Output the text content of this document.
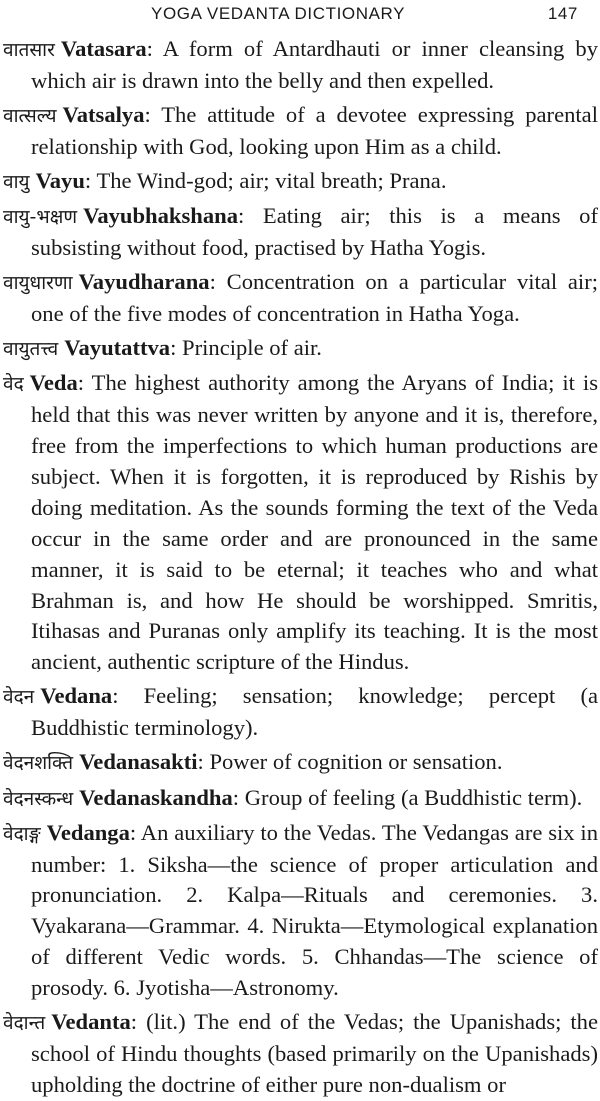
YOGA VEDANTA DICTIONARY	147

वातसार Vatasara: A form of Antardhauti or inner cleansing by which air is drawn into the belly and then expelled.

वात्सल्य Vatsalya: The attitude of a devotee expressing parental relationship with God, looking upon Him as a child.

वायु Vayu: The Wind-god; air; vital breath; Prana.

वायु-भक्षण Vayubhakshana: Eating air; this is a means of subsisting without food, practised by Hatha Yogis.

वायुधारणा Vayudharana: Concentration on a particular vital air; one of the five modes of concentration in Hatha Yoga.

वायुतत्त्व Vayutattva: Principle of air.

वेद Veda: The highest authority among the Aryans of India; it is held that this was never written by anyone and it is, therefore, free from the imperfections to which human productions are subject. When it is forgotten, it is reproduced by Rishis by doing meditation. As the sounds forming the text of the Veda occur in the same order and are pronounced in the same manner, it is said to be eternal; it teaches who and what Brahman is, and how He should be worshipped. Smritis, Itihasas and Puranas only amplify its teaching. It is the most ancient, authentic scripture of the Hindus.

वेदन Vedana: Feeling; sensation; knowledge; percept (a Buddhistic terminology).

वेदनशक्ति Vedanasakti: Power of cognition or sensation.

वेदनस्कन्ध Vedanaskandha: Group of feeling (a Buddhistic term).

वेदाङ्ग Vedanga: An auxiliary to the Vedas. The Vedangas are six in number: 1. Siksha—the science of proper articulation and pronunciation. 2. Kalpa—Rituals and ceremonies. 3. Vyakarana—Grammar. 4. Nirukta—Etymological explanation of different Vedic words. 5. Chhandas—The science of prosody. 6. Jyotisha—Astronomy.

वेदान्त Vedanta: (lit.) The end of the Vedas; the Upanishads; the school of Hindu thoughts (based primarily on the Upanishads) upholding the doctrine of either pure non-dualism or
